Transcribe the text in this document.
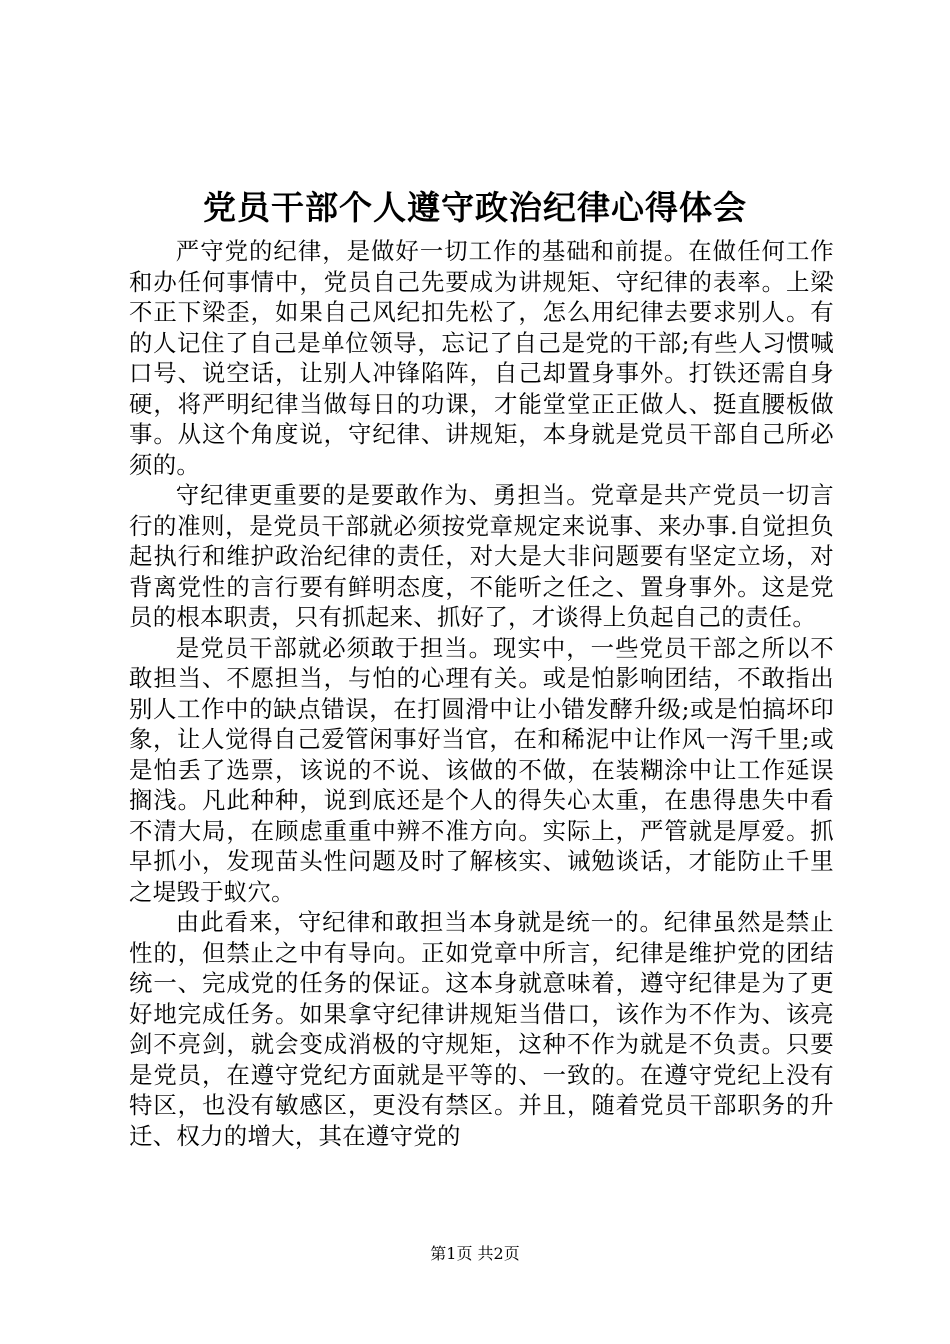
党员干部个人遵守政治纪律心得体会

严守党的纪律，是做好一切工作的基础和前提。在做任何工作和办任何事情中，党员自己先要成为讲规矩、守纪律的表率。上梁不正下梁歪，如果自己风纪扣先松了，怎么用纪律去要求别人。有的人记住了自己是单位领导，忘记了自己是党的干部;有些人习惯喊口号、说空话，让别人冲锋陷阵，自己却置身事外。打铁还需自身硬，将严明纪律当做每日的功课，才能堂堂正正做人、挺直腰板做事。从这个角度说，守纪律、讲规矩，本身就是党员干部自己所必须的。

守纪律更重要的是要敢作为、勇担当。党章是共产党员一切言行的准则，是党员干部就必须按党章规定来说事、来办事.自觉担负起执行和维护政治纪律的责任，对大是大非问题要有坚定立场，对背离党性的言行要有鲜明态度，不能听之任之、置身事外。这是党员的根本职责，只有抓起来、抓好了，才谈得上负起自己的责任。

是党员干部就必须敢于担当。现实中，一些党员干部之所以不敢担当、不愿担当，与怕的心理有关。或是怕影响团结，不敢指出别人工作中的缺点错误，在打圆滑中让小错发酵升级;或是怕搞坏印象，让人觉得自己爱管闲事好当官，在和稀泥中让作风一泻千里;或是怕丢了选票，该说的不说、该做的不做，在装糊涂中让工作延误搁浅。凡此种种，说到底还是个人的得失心太重，在患得患失中看不清大局，在顾虑重重中辨不准方向。实际上，严管就是厚爱。抓早抓小，发现苗头性问题及时了解核实、诫勉谈话，才能防止千里之堤毁于蚁穴。

由此看来，守纪律和敢担当本身就是统一的。纪律虽然是禁止性的，但禁止之中有导向。正如党章中所言，纪律是维护党的团结统一、完成党的任务的保证。这本身就意味着，遵守纪律是为了更好地完成任务。如果拿守纪律讲规矩当借口，该作为不作为、该亮剑不亮剑，就会变成消极的守规矩，这种不作为就是不负责。只要是党员，在遵守党纪方面就是平等的、一致的。在遵守党纪上没有特区，也没有敏感区，更没有禁区。并且，随着党员干部职务的升迁、权力的增大，其在遵守党的

第1页 共2页
